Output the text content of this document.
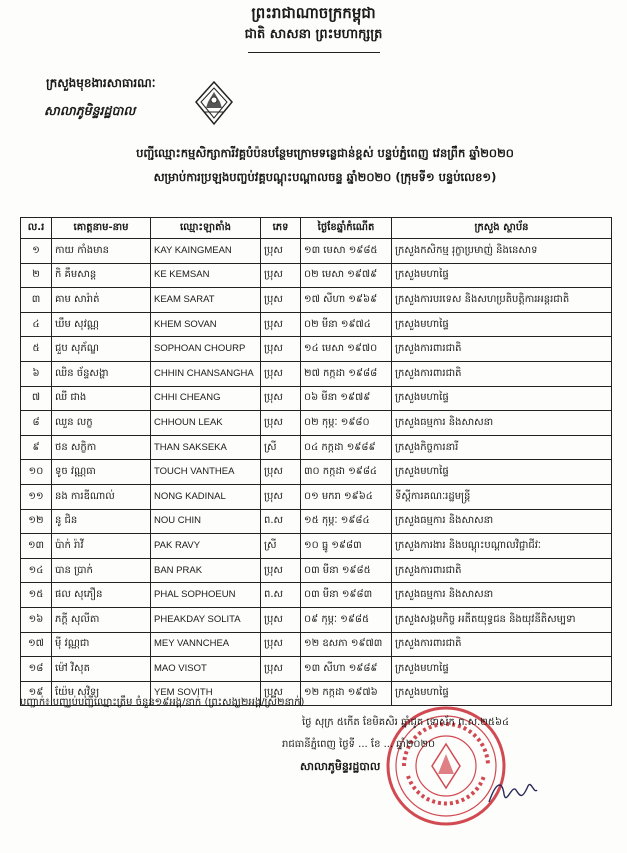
ព្រះរាជាណាចក្រកម្ពុជា
ជាតិ សាសនា ព្រះមហាក្សត្រ
ក្រសួងមុខងារសាធារណៈ
សាលាភូមិន្ទរដ្ឋបាល
បញ្ជីឈ្មោះកម្មសិក្សាការីវគ្គបំប៉នបន្ថែមក្រោមទន្លេជាន់ខ្ពស់ បន្ទប់ភ្នំពេញ វេនព្រឹក ឆ្នាំ២០២០
សម្រាប់ការប្រឡងបញ្ចប់វគ្គបណ្តុះបណ្តាលចន្ទ ឆ្នាំ២០២០ (ក្រុមទី១ បន្ទប់លេខ១)
ល.រ	គោត្តនាម-នាម	ឈ្មោះឡាតាំង	ភេទ	ថ្ងៃខែឆ្នាំកំណើត	ក្រសួង ស្ថាប័ន
១	កាយ កាំងមាន	KAY KAINGMEAN	ប្រុស	១៣ មេសា ១៩៨៥	ក្រសួងកសិកម្ម រុក្ខាប្រមាញ់ និងនេសាទ
២	កិ គឹមសាន្ត	KE KEMSAN	ប្រុស	០២ មេសា ១៩៧៩	ក្រសួងមហាផ្ទៃ
៣	គាម សារ៉ាត់	KEAM SARAT	ប្រុស	១៧ សីហា ១៩៦៩	ក្រសួងការបរទេស និងសហប្រតិបត្តិការអន្តរជាតិ
៤	ឃឹម សុវណ្ណ	KHEM SOVAN	ប្រុស	០២ មីនា ១៩៧៤	ក្រសួងមហាផ្ទៃ
៥	ជួប សុភ័ណ្ឌ	SOPHOAN CHOURP	ប្រុស	១៤ មេសា ១៩៧០	ក្រសួងការពារជាតិ
៦	ឈិន ច័ន្ទសង្ហា	CHHIN CHANSANGHA	ប្រុស	២៧ កក្កដា ១៩៨៨	ក្រសួងការពារជាតិ
៧	ឈី ជាង	CHHI CHEANG	ប្រុស	០៦ មីនា ១៩៧៩	ក្រសួងមហាផ្ទៃ
៨	ឈួន លក្ខ	CHHOUN LEAK	ប្រុស	០២ កុម្ភៈ ១៩៨០	ក្រសួងធម្មការ និងសាសនា
៩	ថន សក្ខិកា	THAN SAKSEKA	ស្រី	០៤ កក្កដា ១៩៨៩	ក្រសួងកិច្ចការនារី
១០	ទូច វណ្ណធា	TOUCH VANTHEA	ប្រុស	៣០ កក្កដា ១៩៨៤	ក្រសួងមហាផ្ទៃ
១១	នង ការឌីណាល់	NONG KADINAL	ប្រុស	០១ មករា ១៩៦៤	ទីស្តីការគណៈរដ្ឋមន្ត្រី
១២	នូ ជិន	NOU CHIN	ព.ស	១៥ កុម្ភៈ ១៩៨៤	ក្រសួងធម្មការ និងសាសនា
១៣	ប៉ាក់ រ៉ាវី	PAK RAVY	ស្រី	១០ ធ្នូ ១៩៨៣	ក្រសួងការងារ និងបណ្តុះបណ្តាលវិជ្ជាជីវៈ
១៤	បាន ប្រាក់	BAN PRAK	ប្រុស	០៣ មីនា ១៩៨៥	ក្រសួងការពារជាតិ
១៥	ផល សុភឿន	PHAL SOPHOEUN	ព.ស	០៣ មីនា ១៩៨៣	ក្រសួងធម្មការ និងសាសនា
១៦	ភក្តី សុលីតា	PHEAKDAY SOLITA	ប្រុស	០៩ កុម្ភៈ ១៩៨៥	ក្រសួងសង្គមកិច្ច អតីតយុទ្ធជន និងយុវនីតិសម្បទា
១៧	ម៉ី វណ្ណជា	MEY VANNCHEA	ប្រុស	១២ ឧសភា ១៩៧៣	ក្រសួងការពារជាតិ
១៨	ម៉ៅ វិសុត	MAO VISOT	ប្រុស	១៣ សីហា ១៩៨៩	ក្រសួងមហាផ្ទៃ
១៩	យ៉ែម សុវិទ្យ	YEM SOVITH	ប្រុស	១២ កក្កដា ១៩៧៦	ក្រសួងមហាផ្ទៃ
បញ្ជាក់៖ បញ្ឈប់បញ្ជីឈ្មោះត្រឹម ចំនួន១៩អង្គ/នាក់ (ព្រះសង្ឃ២អង្គ/ស្រី២នាក់)
ថ្ងៃ សុក្រ ៥កើត ខែមិគសិរ ឆ្នាំជូត ទោស័ក ព.ស.២៥៦៤
រាជធានីភ្នំពេញ ថ្ងៃទី ... ខែ ... ឆ្នាំ២០២០
សាលាភូមិន្ទរដ្ឋបាល
